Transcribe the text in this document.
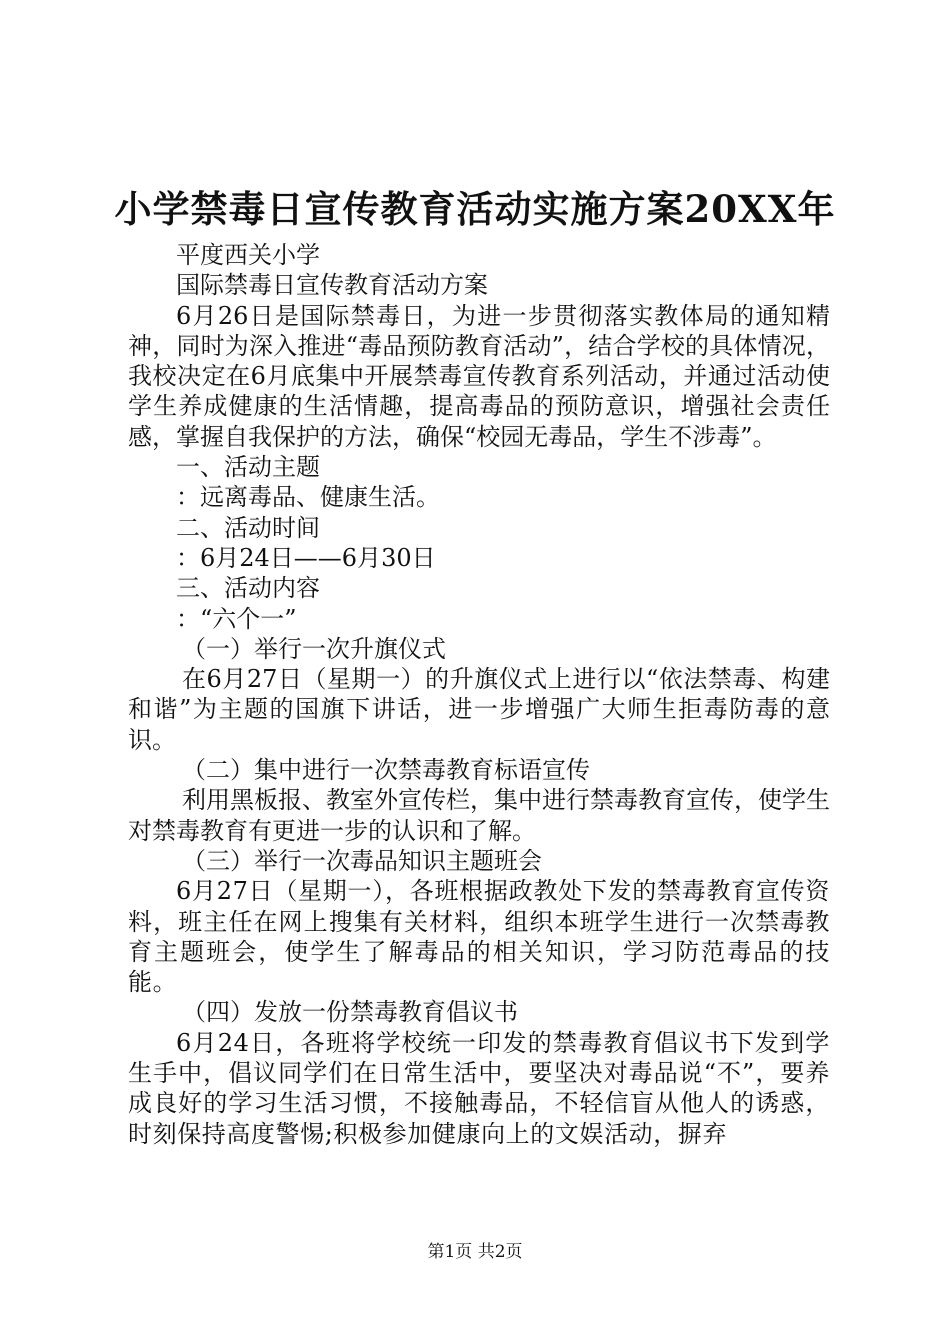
小学禁毒日宣传教育活动实施方案20XX年

平度西关小学

国际禁毒日宣传教育活动方案

6月26日是国际禁毒日，为进一步贯彻落实教体局的通知精神，同时为深入推进“毒品预防教育活动”，结合学校的具体情况，我校决定在6月底集中开展禁毒宣传教育系列活动，并通过活动使学生养成健康的生活情趣，提高毒品的预防意识，增强社会责任感，掌握自我保护的方法，确保“校园无毒品，学生不涉毒”。

一、活动主题

：远离毒品、健康生活。

二、活动时间

：6月24日——6月30日

三、活动内容

：“六个一”

（一）举行一次升旗仪式

在6月27日（星期一）的升旗仪式上进行以“依法禁毒、构建和谐”为主题的国旗下讲话，进一步增强广大师生拒毒防毒的意识。

（二）集中进行一次禁毒教育标语宣传

利用黑板报、教室外宣传栏，集中进行禁毒教育宣传，使学生对禁毒教育有更进一步的认识和了解。

（三）举行一次毒品知识主题班会

6月27日（星期一），各班根据政教处下发的禁毒教育宣传资料，班主任在网上搜集有关材料，组织本班学生进行一次禁毒教育主题班会，使学生了解毒品的相关知识，学习防范毒品的技能。

（四）发放一份禁毒教育倡议书

6月24日，各班将学校统一印发的禁毒教育倡议书下发到学生手中，倡议同学们在日常生活中，要坚决对毒品说“不”，要养成良好的学习生活习惯，不接触毒品，不轻信盲从他人的诱惑，时刻保持高度警惕;积极参加健康向上的文娱活动，摒弃

第1页 共2页
